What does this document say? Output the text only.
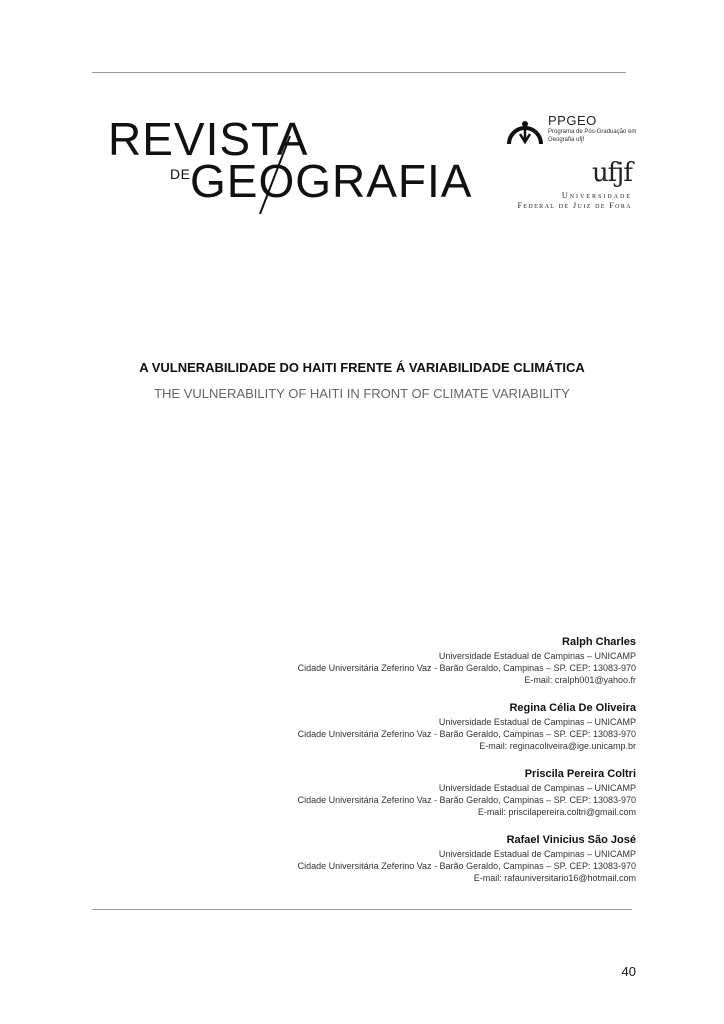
REVISTA
DE GEOGRAFIA
PPGEO
Programa de Pós-Graduação em Geografia ufjf
ufjf
Universidade
Federal de Juiz de Fora
A VULNERABILIDADE DO HAITI FRENTE Á VARIABILIDADE CLIMÁTICA
THE VULNERABILITY OF HAITI IN FRONT OF CLIMATE VARIABILITY
Ralph Charles
Universidade Estadual de Campinas – UNICAMP
Cidade Universitária Zeferino Vaz - Barão Geraldo, Campinas – SP. CEP: 13083-970
E-mail: cralph001@yahoo.fr
Regina Célia De Oliveira
Universidade Estadual de Campinas – UNICAMP
Cidade Universitária Zeferino Vaz - Barão Geraldo, Campinas – SP. CEP: 13083-970
E-mail: reginacoliveira@ige.unicamp.br
Priscila Pereira Coltri
Universidade Estadual de Campinas – UNICAMP
Cidade Universitária Zeferino Vaz - Barão Geraldo, Campinas – SP. CEP: 13083-970
E-mail: priscilapereira.coltri@gmail.com
Rafael Vinicius São José
Universidade Estadual de Campinas – UNICAMP
Cidade Universitária Zeferino Vaz - Barão Geraldo, Campinas – SP. CEP: 13083-970
E-mail: rafauniversitario16@hotmail.com
40
